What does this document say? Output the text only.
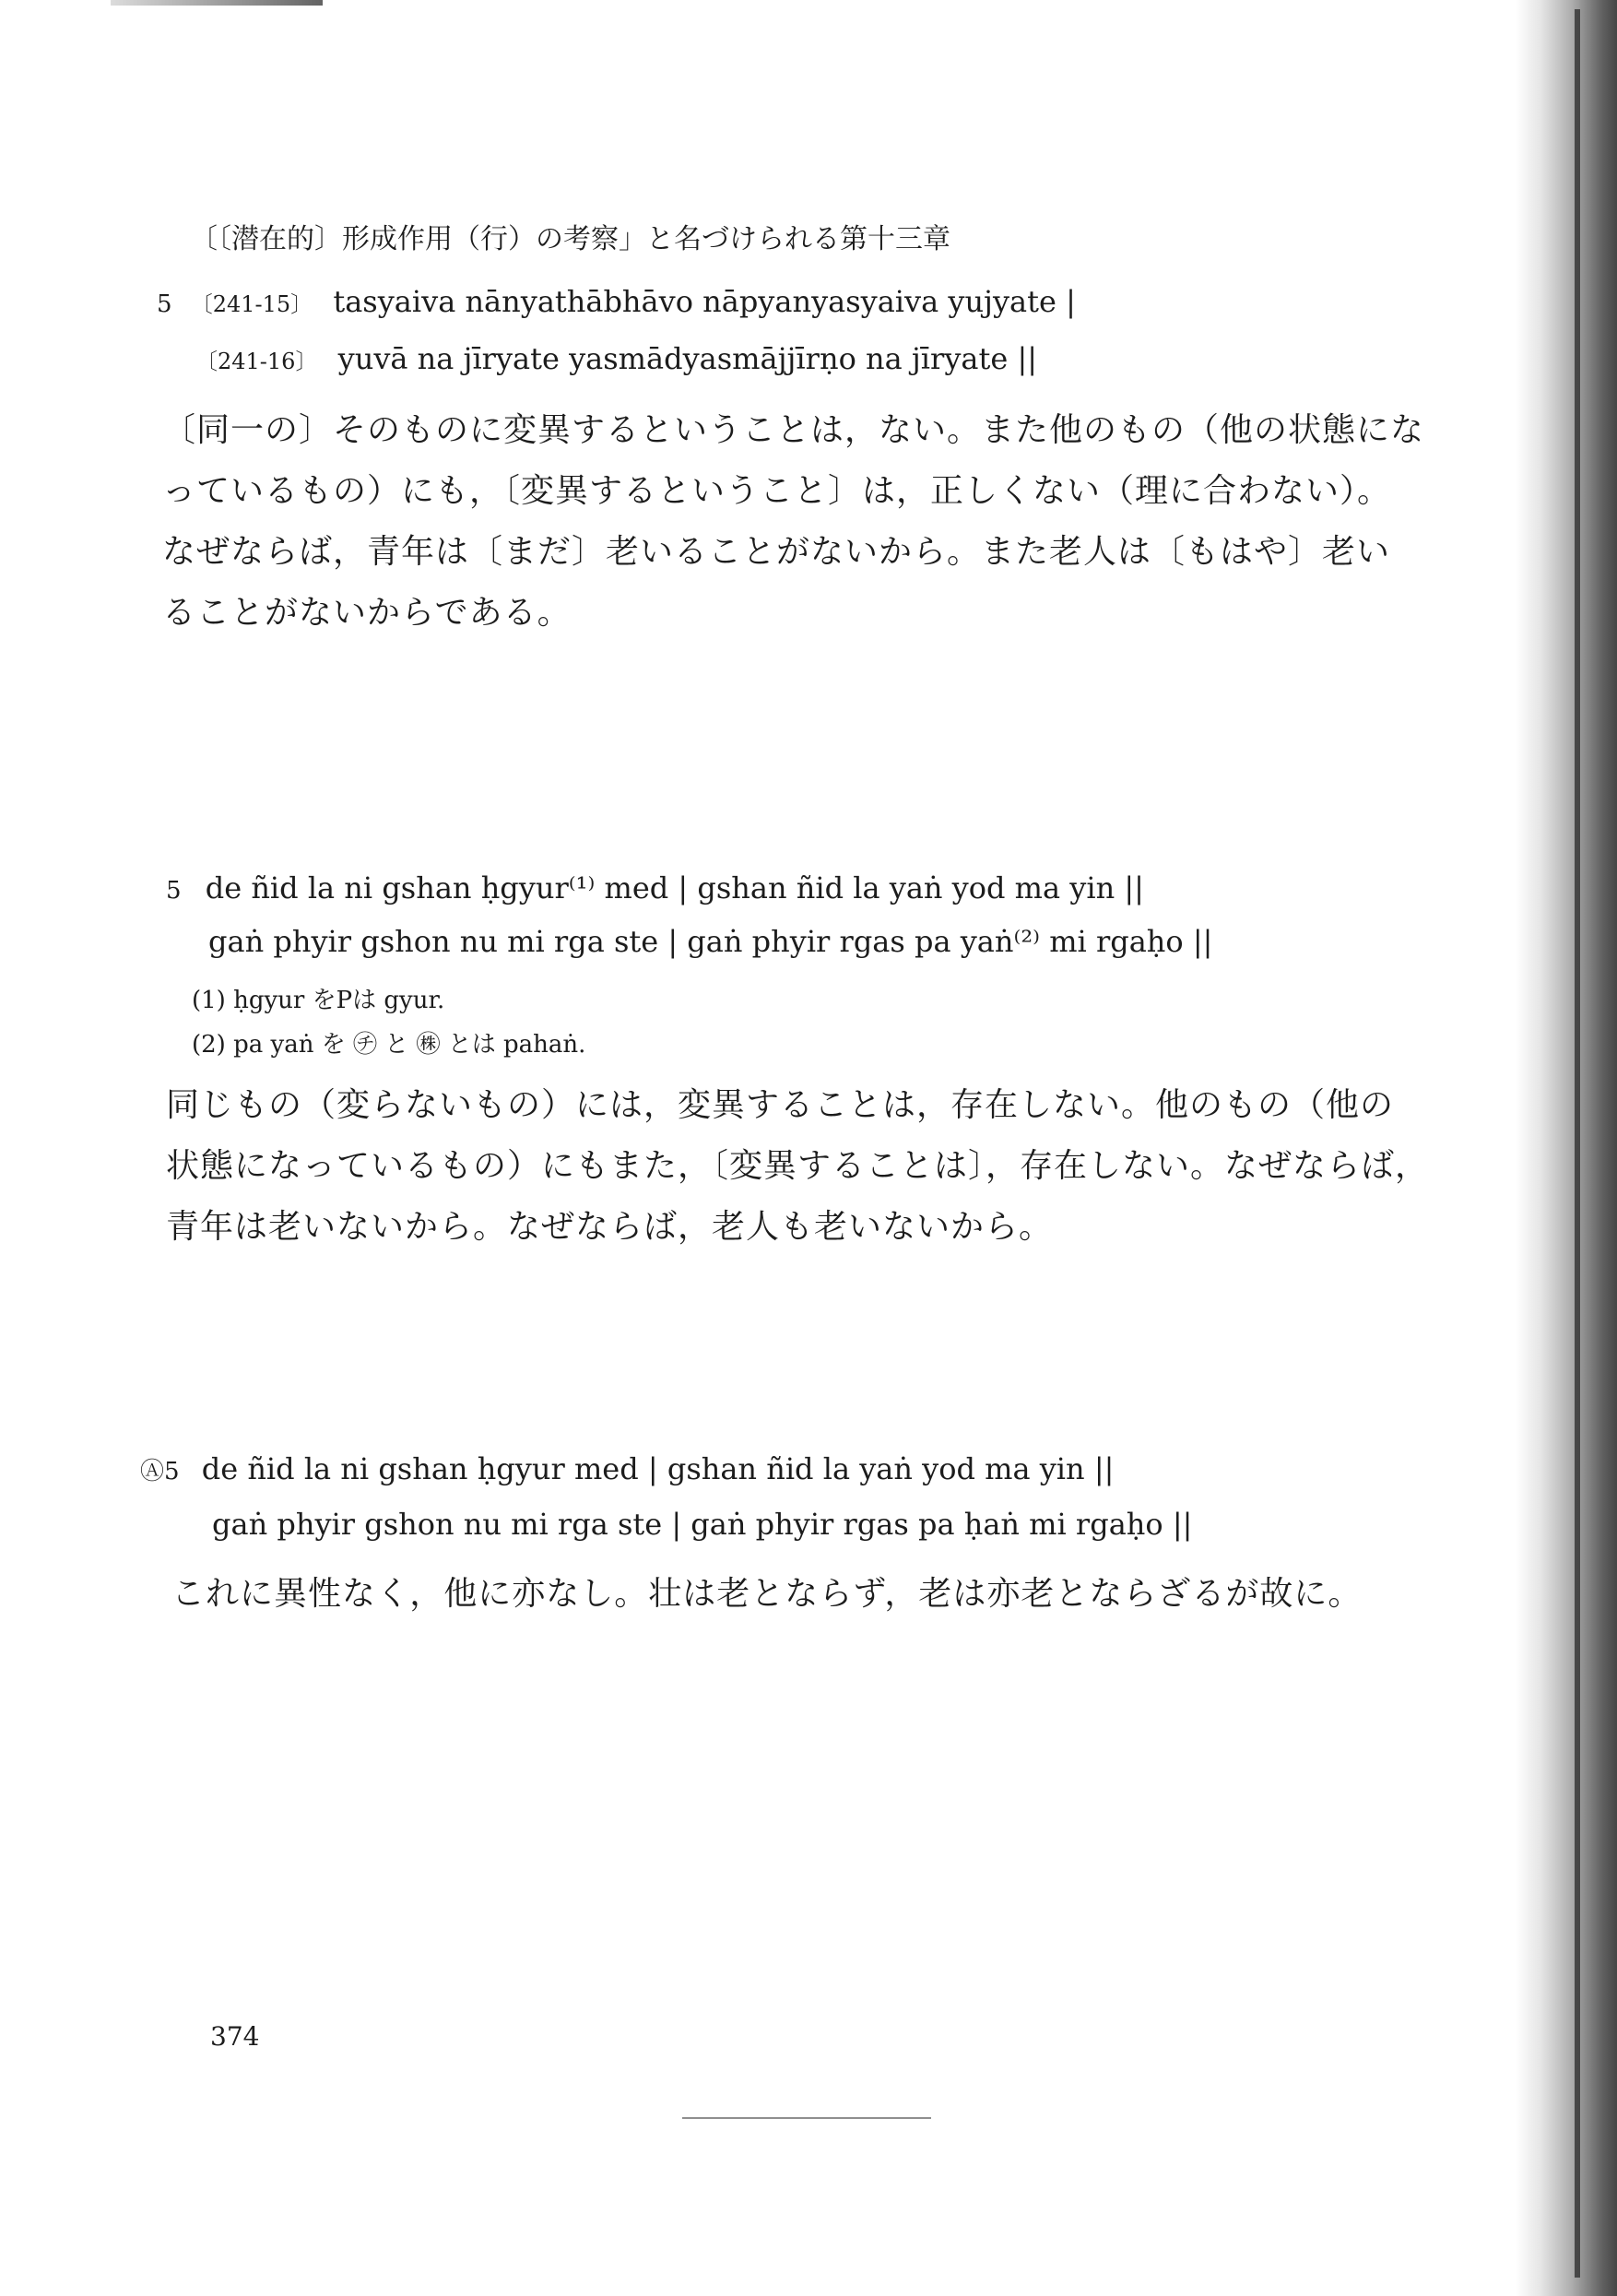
〔〔潜在的〕形成作用（行）の考察」と名づけられる第十三章
5 〔241-15〕 tasyaiva nānyathābhāvo nāpyanyasyaiva yujyate |
〔241-16〕 yuvā na jīryate yasmādyasmājjīrṇo na jīryate ||
〔同一の〕そのものに変異するということは，ない。また他のもの（他の状態にな
っているもの）にも，〔変異するということ〕は，正しくない（理に合わない）。
なぜならば，青年は〔まだ〕老いることがないから。また老人は〔もはや〕老い
ることがないからである。
5 de ñid la ni gshan ḥgyur⁽¹⁾ med | gshan ñid la yaṅ yod ma yin ||
gaṅ phyir gshon nu mi rga ste | gaṅ phyir rgas pa yaṅ⁽²⁾ mi rgaḥo ||
(1) ḥgyur をPは gyur.
(2) pa yaṅ を ㋠ と ㊑ とは pahaṅ.
同じもの（変らないもの）には，変異することは，存在しない。他のもの（他の
状態になっているもの）にもまた，〔変異することは〕，存在しない。なぜならば，
青年は老いないから。なぜならば，老人も老いないから。
Ⓐ5 de ñid la ni gshan ḥgyur med | gshan ñid la yaṅ yod ma yin ||
gaṅ phyir gshon nu mi rga ste | gaṅ phyir rgas pa ḥaṅ mi rgaḥo ||
これに異性なく，他に亦なし。壮は老とならず，老は亦老とならざるが故に。
374
